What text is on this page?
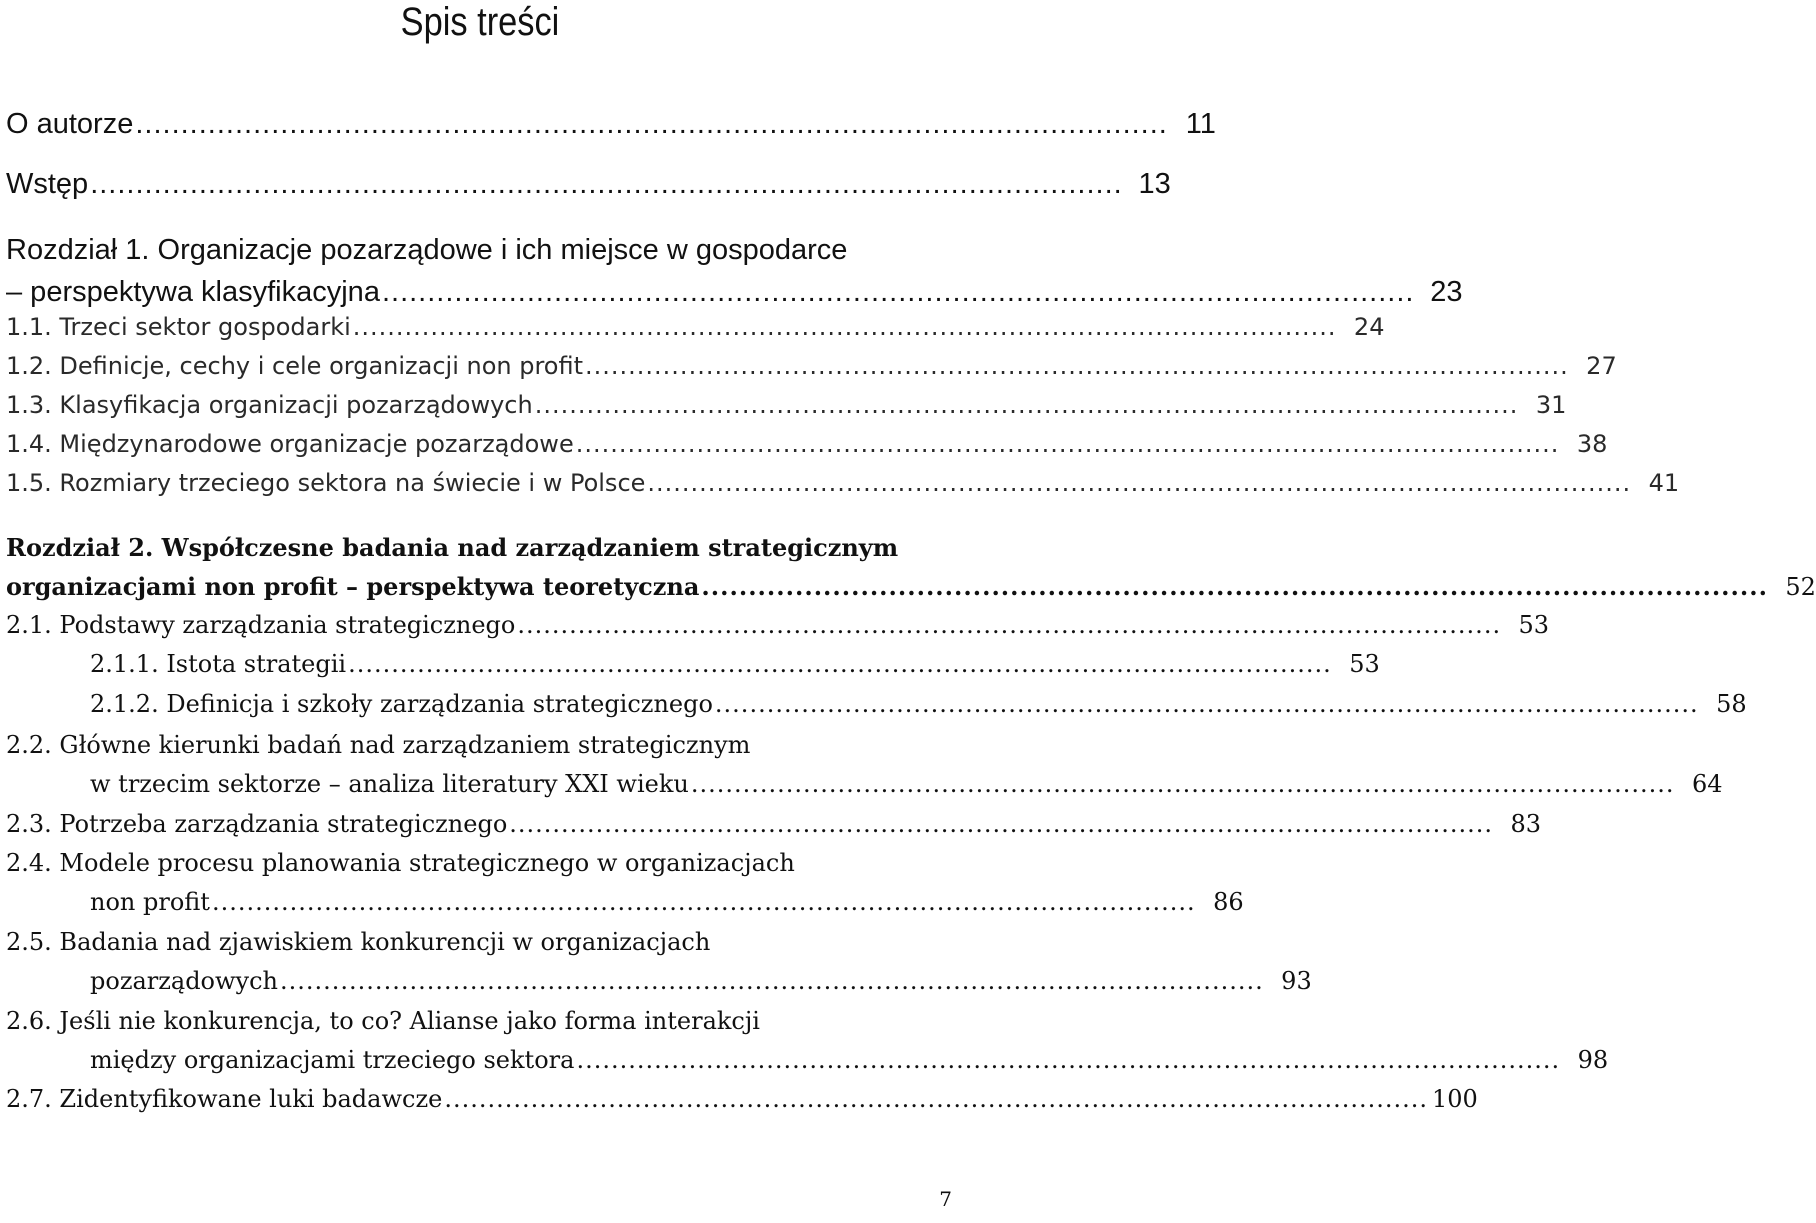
Spis treści
O autorze .................................................................................................................. 11
Wstęp .................................................................................................................. 13
Rozdział 1. Organizacje pozarządowe i ich miejsce w gospodarce
– perspektywa klasyfikacyjna .................................................................................................................. 23
1.1. Trzeci sektor gospodarki .................................................................................................................. 24
1.2. Definicje, cechy i cele organizacji non profit .................................................................................................................. 27
1.3. Klasyfikacja organizacji pozarządowych .................................................................................................................. 31
1.4. Międzynarodowe organizacje pozarządowe .................................................................................................................. 38
1.5. Rozmiary trzeciego sektora na świecie i w Polsce .................................................................................................................. 41
Rozdział 2. Współczesne badania nad zarządzaniem strategicznym
organizacjami non profit – perspektywa teoretyczna .................................................................................................................. 52
2.1. Podstawy zarządzania strategicznego .................................................................................................................. 53
2.1.1. Istota strategii .................................................................................................................. 53
2.1.2. Definicja i szkoły zarządzania strategicznego .................................................................................................................. 58
2.2. Główne kierunki badań nad zarządzaniem strategicznym
w trzecim sektorze – analiza literatury XXI wieku .................................................................................................................. 64
2.3. Potrzeba zarządzania strategicznego .................................................................................................................. 83
2.4. Modele procesu planowania strategicznego w organizacjach
non profit .................................................................................................................. 86
2.5. Badania nad zjawiskiem konkurencji w organizacjach
pozarządowych .................................................................................................................. 93
2.6. Jeśli nie konkurencja, to co? Alianse jako forma interakcji
między organizacjami trzeciego sektora .................................................................................................................. 98
2.7. Zidentyfikowane luki badawcze .................................................................................................................. 100
7
